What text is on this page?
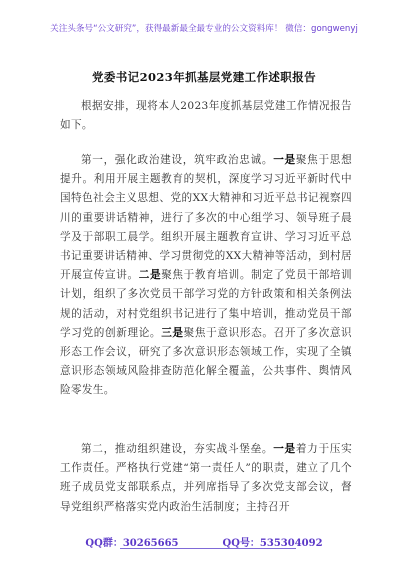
关注头条号“公文研究”，获得最新最全最专业的公文资料库！ 微信：gongwenyj
党委书记2023年抓基层党建工作述职报告

根据安排，现将本人2023年度抓基层党建工作情况报告如下。

第一，强化政治建设，筑牢政治忠诚。一是聚焦于思想提升。利用开展主题教育的契机，深度学习习近平新时代中国特色社会主义思想、党的XX大精神和习近平总书记视察四川的重要讲话精神，进行了多次的中心组学习、领导班子晨学及于部职工晨学。组织开展主题教育宣讲、学习习近平总书记重要讲话精神、学习贯彻党的XX大精神等活动，到村居开展宣传宣讲。二是聚焦于教育培训。制定了党员干部培训计划，组织了多次党员干部学习党的方针政策和相关条例法规的活动，对村党组织书记进行了集中培训，推动党员干部学习党的创新理论。三是聚焦于意识形态。召开了多次意识形态工作会议，研究了多次意识形态领域工作，实现了全镇意识形态领域风险排查防范化解全覆盖，公共事件、舆情风险零发生。

第二，推动组织建设，夯实战斗堡垒。一是着力于压实工作责任。严格执行党建“第一责任人”的职责，建立了几个班子成员党支部联系点，并列席指导了多次党支部会议，督导党组织严格落实党内政治生活制度；主持召开

QQ群：30265665	QQ号：535304092
